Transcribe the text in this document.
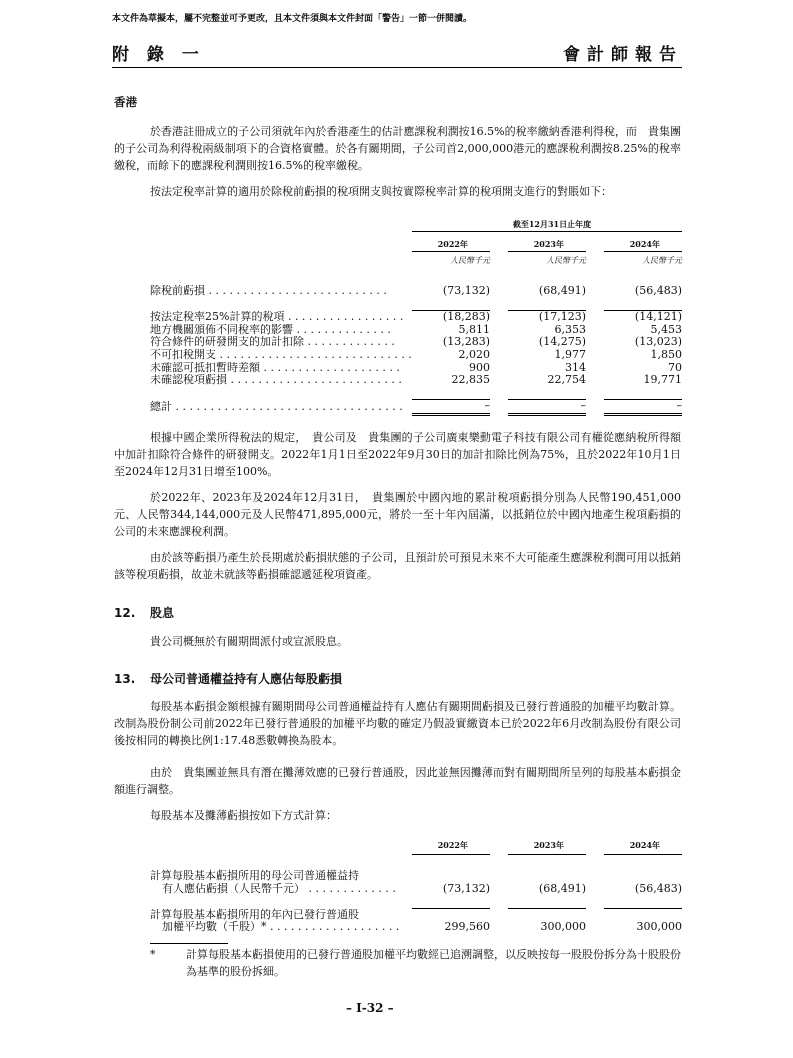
本文件為草擬本，屬不完整並可予更改，且本文件須與本文件封面「警告」一節一併閱讀。
附 錄 一	會計師報告
香港

於香港註冊成立的子公司須就年內於香港產生的估計應課稅利潤按16.5%的稅率繳納香港利得稅，而　貴集團的子公司為利得稅兩級制項下的合資格實體。於各有關期間，子公司首2,000,000港元的應課稅利潤按8.25%的稅率繳稅，而餘下的應課稅利潤則按16.5%的稅率繳稅。

按法定稅率計算的適用於除稅前虧損的稅項開支與按實際稅率計算的稅項開支進行的對賬如下：

	截至12月31日止年度				
	2022年		2023年		2024年
	人民幣千元		人民幣千元		人民幣千元

除稅前虧損 . . . . . . . . . . . . . . . . . . . . . . . . . .	(73,132)		(68,491)		(56,483)

按法定稅率25%計算的稅項 . . . . . . . . . . . . . . . . .	(18,283)		(17,123)		(14,121)
地方機關頒佈不同稅率的影響 . . . . . . . . . . . . . .	5,811		6,353		5,453
符合條件的研發開支的加計扣除 . . . . . . . . . . . . .	(13,283)		(14,275)		(13,023)
不可扣稅開支 . . . . . . . . . . . . . . . . . . . . . . . . . . . .	2,020		1,977		1,850
未確認可抵扣暫時差額 . . . . . . . . . . . . . . . . . . . .	900		314		70
未確認稅項虧損 . . . . . . . . . . . . . . . . . . . . . . . . .	22,835		22,754		19,771

總計 . . . . . . . . . . . . . . . . . . . . . . . . . . . . . . . . .	–		–		–

根據中國企業所得稅法的規定，　貴公司及　貴集團的子公司廣東樂動電子科技有限公司有權從應納稅所得額中加計扣除符合條件的研發開支。2022年1月1日至2022年9月30日的加計扣除比例為75%，且於2022年10月1日至2024年12月31日增至100%。

於2022年、2023年及2024年12月31日，　貴集團於中國內地的累計稅項虧損分別為人民幣190,451,000元、人民幣344,144,000元及人民幣471,895,000元，將於一至十年內屆滿，以抵銷位於中國內地產生稅項虧損的公司的未來應課稅利潤。

由於該等虧損乃產生於長期處於虧損狀態的子公司，且預計於可預見未來不大可能產生應課稅利潤可用以抵銷該等稅項虧損，故並未就該等虧損確認遞延稅項資產。

12. 股息

貴公司概無於有關期間派付或宣派股息。

13. 母公司普通權益持有人應佔每股虧損

每股基本虧損金額根據有關期間母公司普通權益持有人應佔有關期間虧損及已發行普通股的加權平均數計算。改制為股份制公司前2022年已發行普通股的加權平均數的確定乃假設實繳資本已於2022年6月改制為股份有限公司後按相同的轉換比例1:17.48悉數轉換為股本。

由於　貴集團並無具有潛在攤薄效應的已發行普通股，因此並無因攤薄而對有關期間所呈列的每股基本虧損金額進行調整。

每股基本及攤薄虧損按如下方式計算：

	2022年		2023年		2024年

計算每股基本虧損所用的母公司普通權益持					
有人應佔虧損（人民幣千元） . . . . . . . . . . . . .	(73,132)		(68,491)		(56,483)

計算每股基本虧損所用的年內已發行普通股					
加權平均數（千股）* . . . . . . . . . . . . . . . . . . .	299,560		300,000		300,000
*	計算每股基本虧損使用的已發行普通股加權平均數經已追溯調整，以反映按每一股股份拆分為十股股份為基準的股份拆細。

– I-32 –
